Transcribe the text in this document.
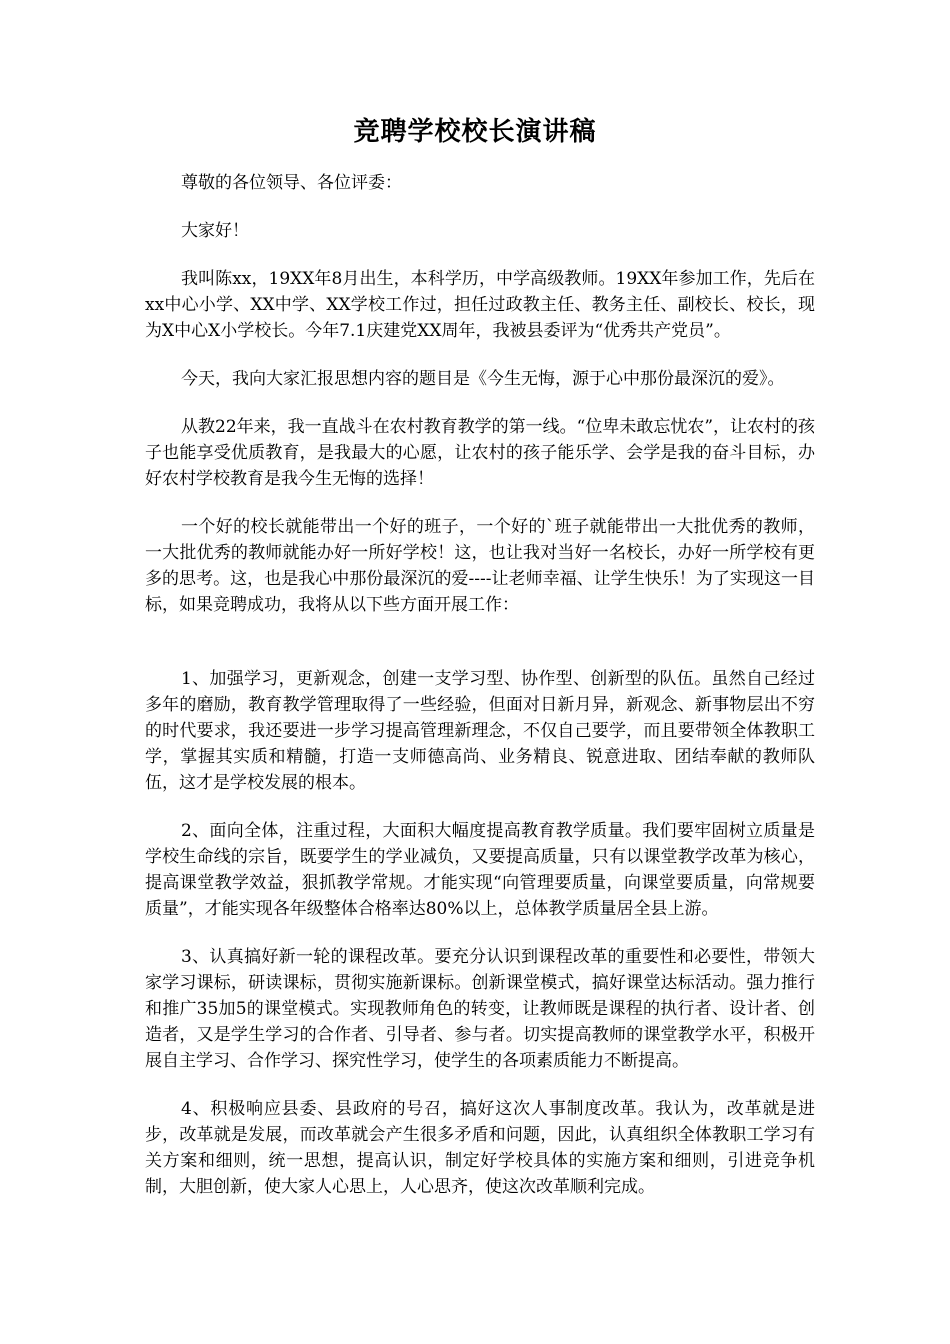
竞聘学校校长演讲稿

尊敬的各位领导、各位评委：

大家好！

我叫陈xx，19XX年8月出生，本科学历，中学高级教师。19XX年参加工作，先后在xx中心小学、XX中学、XX学校工作过，担任过政教主任、教务主任、副校长、校长，现为X中心X小学校长。今年7.1庆建党XX周年，我被县委评为“优秀共产党员”。

今天，我向大家汇报思想内容的题目是《今生无悔，源于心中那份最深沉的爱》。

从教22年来，我一直战斗在农村教育教学的第一线。“位卑未敢忘忧农”，让农村的孩子也能享受优质教育，是我最大的心愿，让农村的孩子能乐学、会学是我的奋斗目标，办好农村学校教育是我今生无悔的选择！

一个好的校长就能带出一个好的班子，一个好的`班子就能带出一大批优秀的教师，一大批优秀的教师就能办好一所好学校！这，也让我对当好一名校长，办好一所学校有更多的思考。这，也是我心中那份最深沉的爱----让老师幸福、让学生快乐！为了实现这一目标，如果竞聘成功，我将从以下些方面开展工作：

1、加强学习，更新观念，创建一支学习型、协作型、创新型的队伍。虽然自己经过多年的磨励，教育教学管理取得了一些经验，但面对日新月异，新观念、新事物层出不穷的时代要求，我还要进一步学习提高管理新理念，不仅自己要学，而且要带领全体教职工学，掌握其实质和精髓，打造一支师德高尚、业务精良、锐意进取、团结奉献的教师队伍，这才是学校发展的根本。

2、面向全体，注重过程，大面积大幅度提高教育教学质量。我们要牢固树立质量是学校生命线的宗旨，既要学生的学业减负，又要提高质量，只有以课堂教学改革为核心，提高课堂教学效益，狠抓教学常规。才能实现“向管理要质量，向课堂要质量，向常规要质量”，才能实现各年级整体合格率达80%以上，总体教学质量居全县上游。

3、认真搞好新一轮的课程改革。要充分认识到课程改革的重要性和必要性，带领大家学习课标，研读课标，贯彻实施新课标。创新课堂模式，搞好课堂达标活动。强力推行和推广35加5的课堂模式。实现教师角色的转变，让教师既是课程的执行者、设计者、创造者，又是学生学习的合作者、引导者、参与者。切实提高教师的课堂教学水平，积极开展自主学习、合作学习、探究性学习，使学生的各项素质能力不断提高。

4、积极响应县委、县政府的号召，搞好这次人事制度改革。我认为，改革就是进步，改革就是发展，而改革就会产生很多矛盾和问题，因此，认真组织全体教职工学习有关方案和细则，统一思想，提高认识，制定好学校具体的实施方案和细则，引进竞争机制，大胆创新，使大家人心思上，人心思齐，使这次改革顺利完成。
